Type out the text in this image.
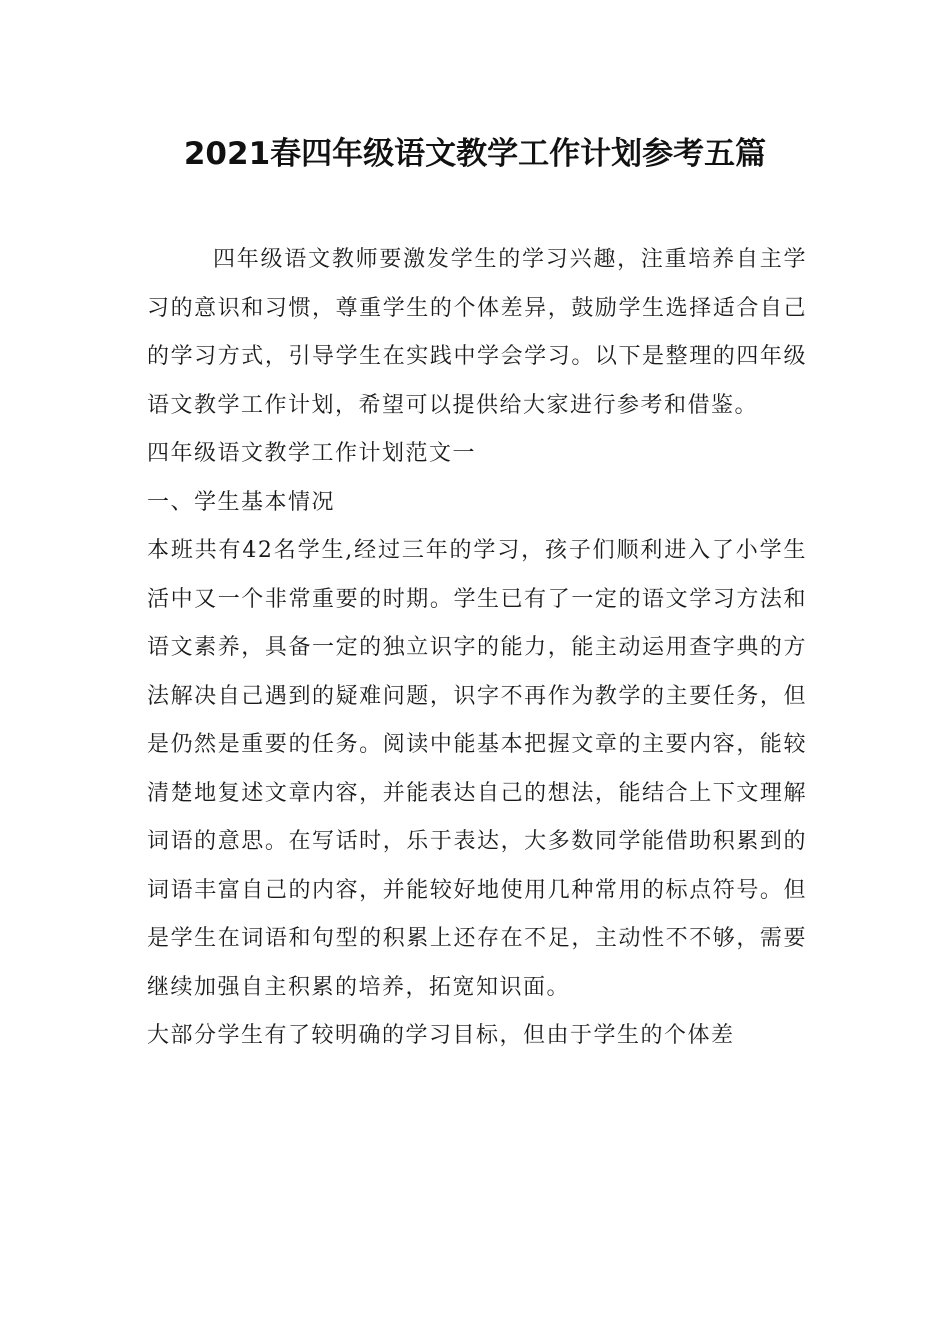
2021春四年级语文教学工作计划参考五篇

四年级语文教师要激发学生的学习兴趣，注重培养自主学习的意识和习惯，尊重学生的个体差异，鼓励学生选择适合自己的学习方式，引导学生在实践中学会学习。以下是整理的四年级语文教学工作计划，希望可以提供给大家进行参考和借鉴。

四年级语文教学工作计划范文一

一、学生基本情况

本班共有42名学生,经过三年的学习，孩子们顺利进入了小学生活中又一个非常重要的时期。学生已有了一定的语文学习方法和语文素养，具备一定的独立识字的能力，能主动运用查字典的方法解决自己遇到的疑难问题，识字不再作为教学的主要任务，但是仍然是重要的任务。阅读中能基本把握文章的主要内容，能较清楚地复述文章内容，并能表达自己的想法，能结合上下文理解词语的意思。在写话时，乐于表达，大多数同学能借助积累到的词语丰富自己的内容，并能较好地使用几种常用的标点符号。但是学生在词语和句型的积累上还存在不足，主动性不不够，需要继续加强自主积累的培养，拓宽知识面。

大部分学生有了较明确的学习目标，但由于学生的个体差
